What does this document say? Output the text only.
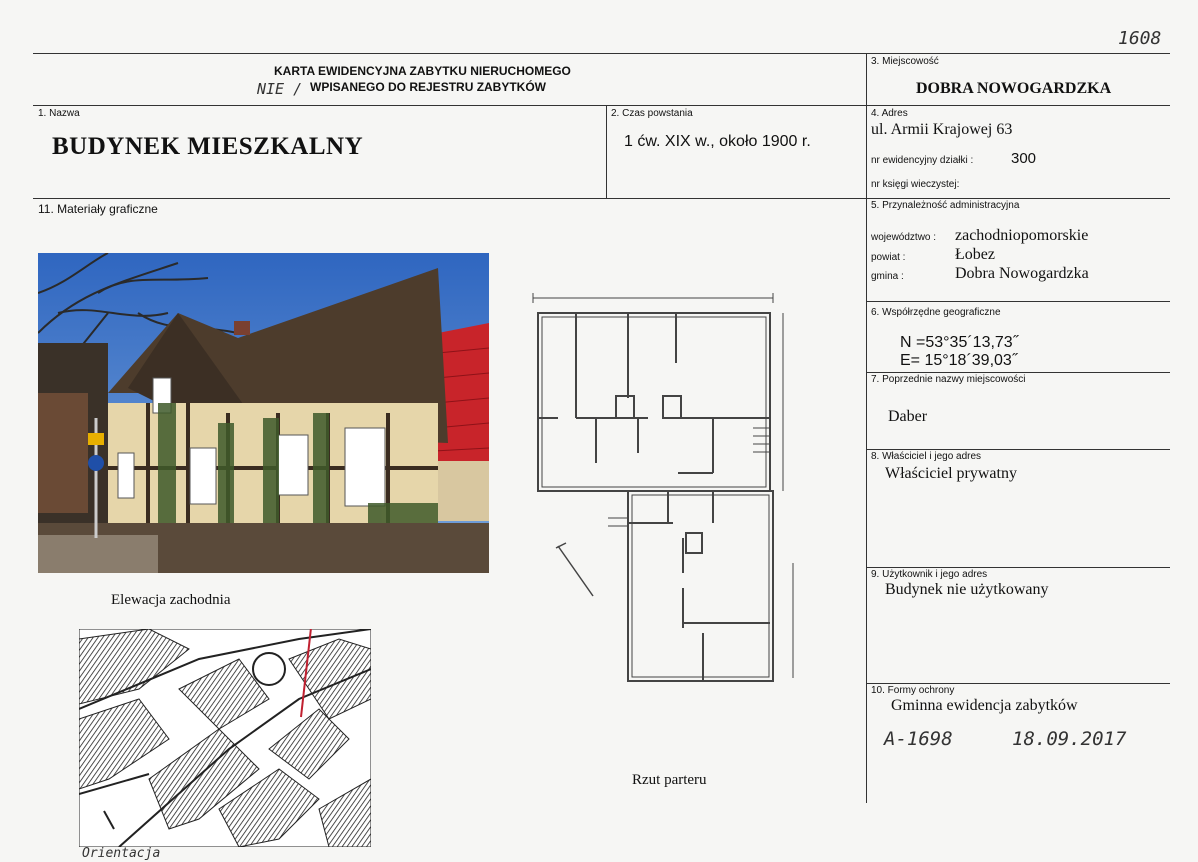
1608
KARTA EWIDENCYJNA ZABYTKU NIERUCHOMEGO
NIE / WPISANEGO DO REJESTRU ZABYTKÓW
1. Nazwa
BUDYNEK MIESZKALNY
2. Czas powstania
1 ćw. XIX w., około 1900 r.
3. Miejscowość
DOBRA NOWOGARDZKA
4. Adres
ul. Armii Krajowej 63
nr ewidencyjny działki :	300
nr księgi wieczystej:
5. Przynależność administracyjna
województwo : zachodniopomorskie
powiat :	Łobez
gmina :	Dobra Nowogardzka
6. Współrzędne geograficzne
N =53°35´13,73˝
E= 15°18´39,03˝
7. Poprzednie nazwy miejscowości
Daber
8. Właściciel i jego adres
Właściciel prywatny
9. Użytkownik i jego adres
Budynek nie użytkowany
10. Formy ochrony
Gminna ewidencja zabytków
A-1698	18.09.2017
11. Materiały graficzne
Elewacja zachodnia
Rzut parteru
Orientacja
